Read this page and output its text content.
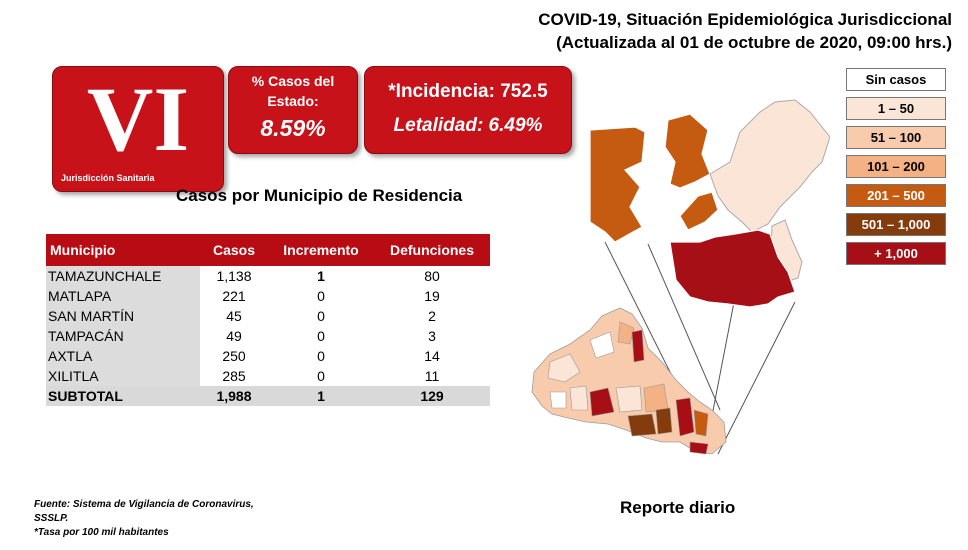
COVID-19, Situación Epidemiológica Jurisdiccional
(Actualizada al 01 de octubre de 2020, 09:00 hrs.)
VI
Jurisdicción Sanitaria
% Casos del Estado:
8.59%
*Incidencia: 752.5
Letalidad: 6.49%
Casos por Municipio de Residencia
Municipio	Casos	Incremento	Defunciones
TAMAZUNCHALE	1,138	1	80
MATLAPA	221	0	19
SAN MARTÍN	45	0	2
TAMPACÁN	49	0	3
AXTLA	250	0	14
XILITLA	285	0	11
SUBTOTAL	1,988	1	129
Sin casos
1 – 50
51 – 100
101 – 200
201 – 500
501 – 1,000
+ 1,000
Fuente: Sistema de Vigilancia de Coronavirus,
SSSLP.
*Tasa por 100 mil habitantes
Reporte diario
